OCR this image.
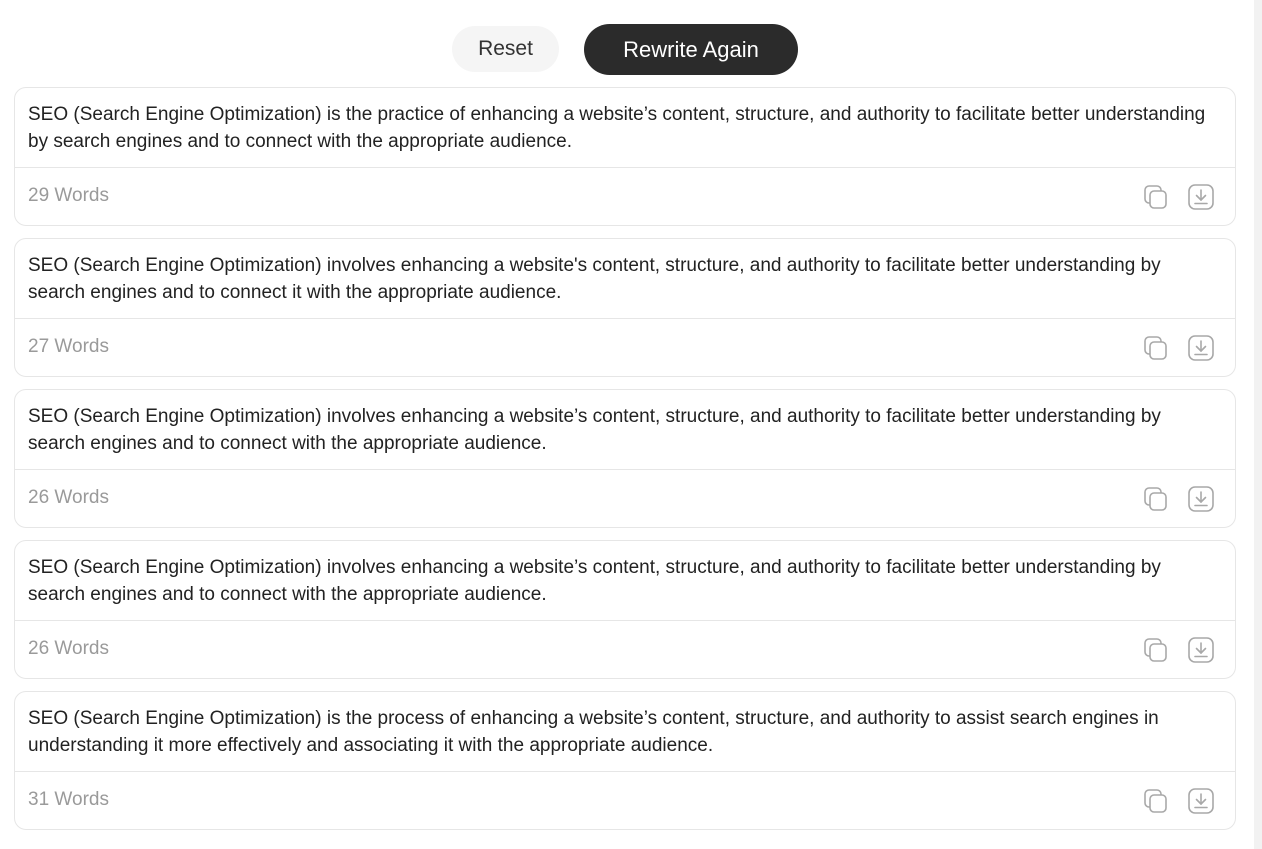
Reset	Rewrite Again
SEO (Search Engine Optimization) is the practice of enhancing a website’s content, structure, and authority to facilitate better understanding by search engines and to connect with the appropriate audience.
29 Words
SEO (Search Engine Optimization) involves enhancing a website's content, structure, and authority to facilitate better understanding by search engines and to connect it with the appropriate audience.
27 Words
SEO (Search Engine Optimization) involves enhancing a website’s content, structure, and authority to facilitate better understanding by search engines and to connect with the appropriate audience.
26 Words
SEO (Search Engine Optimization) involves enhancing a website’s content, structure, and authority to facilitate better understanding by search engines and to connect with the appropriate audience.
26 Words
SEO (Search Engine Optimization) is the process of enhancing a website’s content, structure, and authority to assist search engines in understanding it more effectively and associating it with the appropriate audience.
31 Words
